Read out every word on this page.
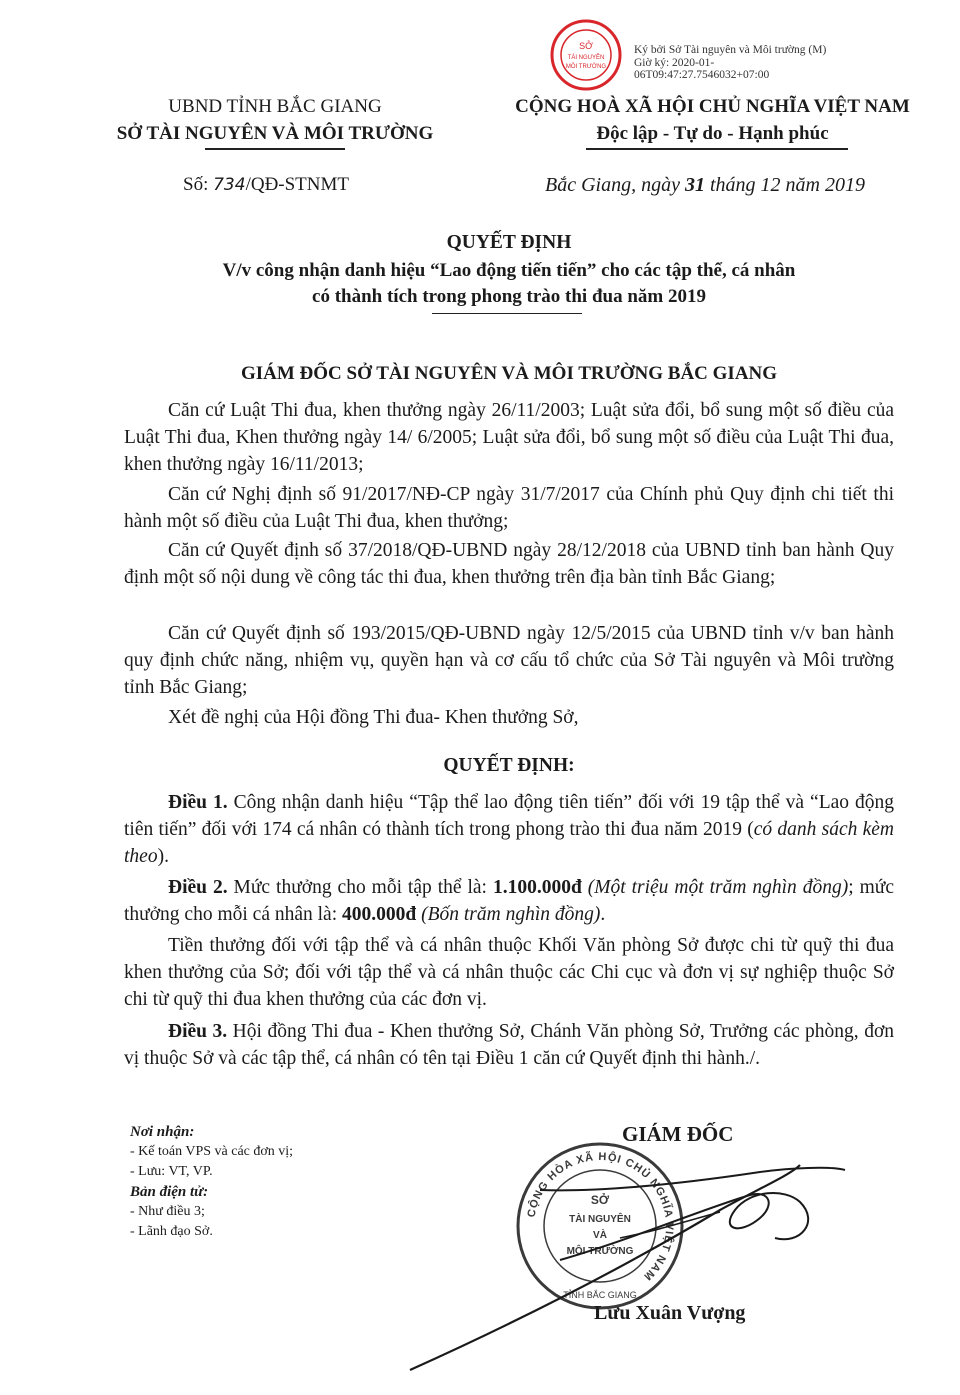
UBND TỈNH BẮC GIANG
SỞ TÀI NGUYÊN VÀ MÔI TRƯỜNG
CỘNG HOÀ XÃ HỘI CHỦ NGHĨA VIỆT NAM
Độc lập - Tự do - Hạnh phúc
SỞ
TÀI NGUYÊN
MÔI TRƯỜNG
Ký bởi Sở Tài nguyên và Môi trường (M)
Giờ ký: 2020-01-
06T09:47:27.7546032+07:00
Số: 734/QĐ-STNMT	Bắc Giang, ngày 31 tháng 12 năm 2019
QUYẾT ĐỊNH
V/v công nhận danh hiệu “Lao động tiến tiến” cho các tập thể, cá nhân
có thành tích trong phong trào thi đua năm 2019
GIÁM ĐỐC SỞ TÀI NGUYÊN VÀ MÔI TRƯỜNG BẮC GIANG
Căn cứ Luật Thi đua, khen thưởng ngày 26/11/2003; Luật sửa đổi, bổ sung một số điều của Luật Thi đua, Khen thưởng ngày 14/ 6/2005; Luật sửa đổi, bổ sung một số điều của Luật Thi đua, khen thưởng ngày 16/11/2013;
Căn cứ Nghị định số 91/2017/NĐ-CP ngày 31/7/2017 của Chính phủ Quy định chi tiết thi hành một số điều của Luật Thi đua, khen thưởng;
Căn cứ Quyết định số 37/2018/QĐ-UBND ngày 28/12/2018 của UBND tỉnh ban hành Quy định một số nội dung về công tác thi đua, khen thưởng trên địa bàn tỉnh Bắc Giang;
Căn cứ Quyết định số 193/2015/QĐ-UBND ngày 12/5/2015 của UBND tỉnh v/v ban hành quy định chức năng, nhiệm vụ, quyền hạn và cơ cấu tổ chức của Sở Tài nguyên và Môi trường tỉnh Bắc Giang;
Xét đề nghị của Hội đồng Thi đua- Khen thưởng Sở,
QUYẾT ĐỊNH:
Điều 1. Công nhận danh hiệu “Tập thể lao động tiên tiến” đối với 19 tập thể và “Lao động tiên tiến” đối với 174 cá nhân có thành tích trong phong trào thi đua năm 2019 (có danh sách kèm theo).
Điều 2. Mức thưởng cho mỗi tập thể là: 1.100.000đ (Một triệu một trăm nghìn đồng); mức thưởng cho mỗi cá nhân là: 400.000đ (Bốn trăm nghìn đồng).
Tiền thưởng đối với tập thể và cá nhân thuộc Khối Văn phòng Sở được chi từ quỹ thi đua khen thưởng của Sở; đối với tập thể và cá nhân thuộc các Chi cục và đơn vị sự nghiệp thuộc Sở chi từ quỹ thi đua khen thưởng của các đơn vị.
Điều 3. Hội đồng Thi đua - Khen thưởng Sở, Chánh Văn phòng Sở, Trưởng các phòng, đơn vị thuộc Sở và các tập thể, cá nhân có tên tại Điều 1 căn cứ Quyết định thi hành./.
Nơi nhận:
- Kế toán VPS và các đơn vị;
- Lưu: VT, VP.
Bản điện tử:
- Như điều 3;
- Lãnh đạo Sở.
GIÁM ĐỐC
CỘNG HÒA XÃ HỘI CHỦ NGHĨA VIỆT NAM
TỈNH BẮC GIANG
SỞ
TÀI NGUYÊN
VÀ
MÔI TRƯỜNG
Lưu Xuân Vượng
